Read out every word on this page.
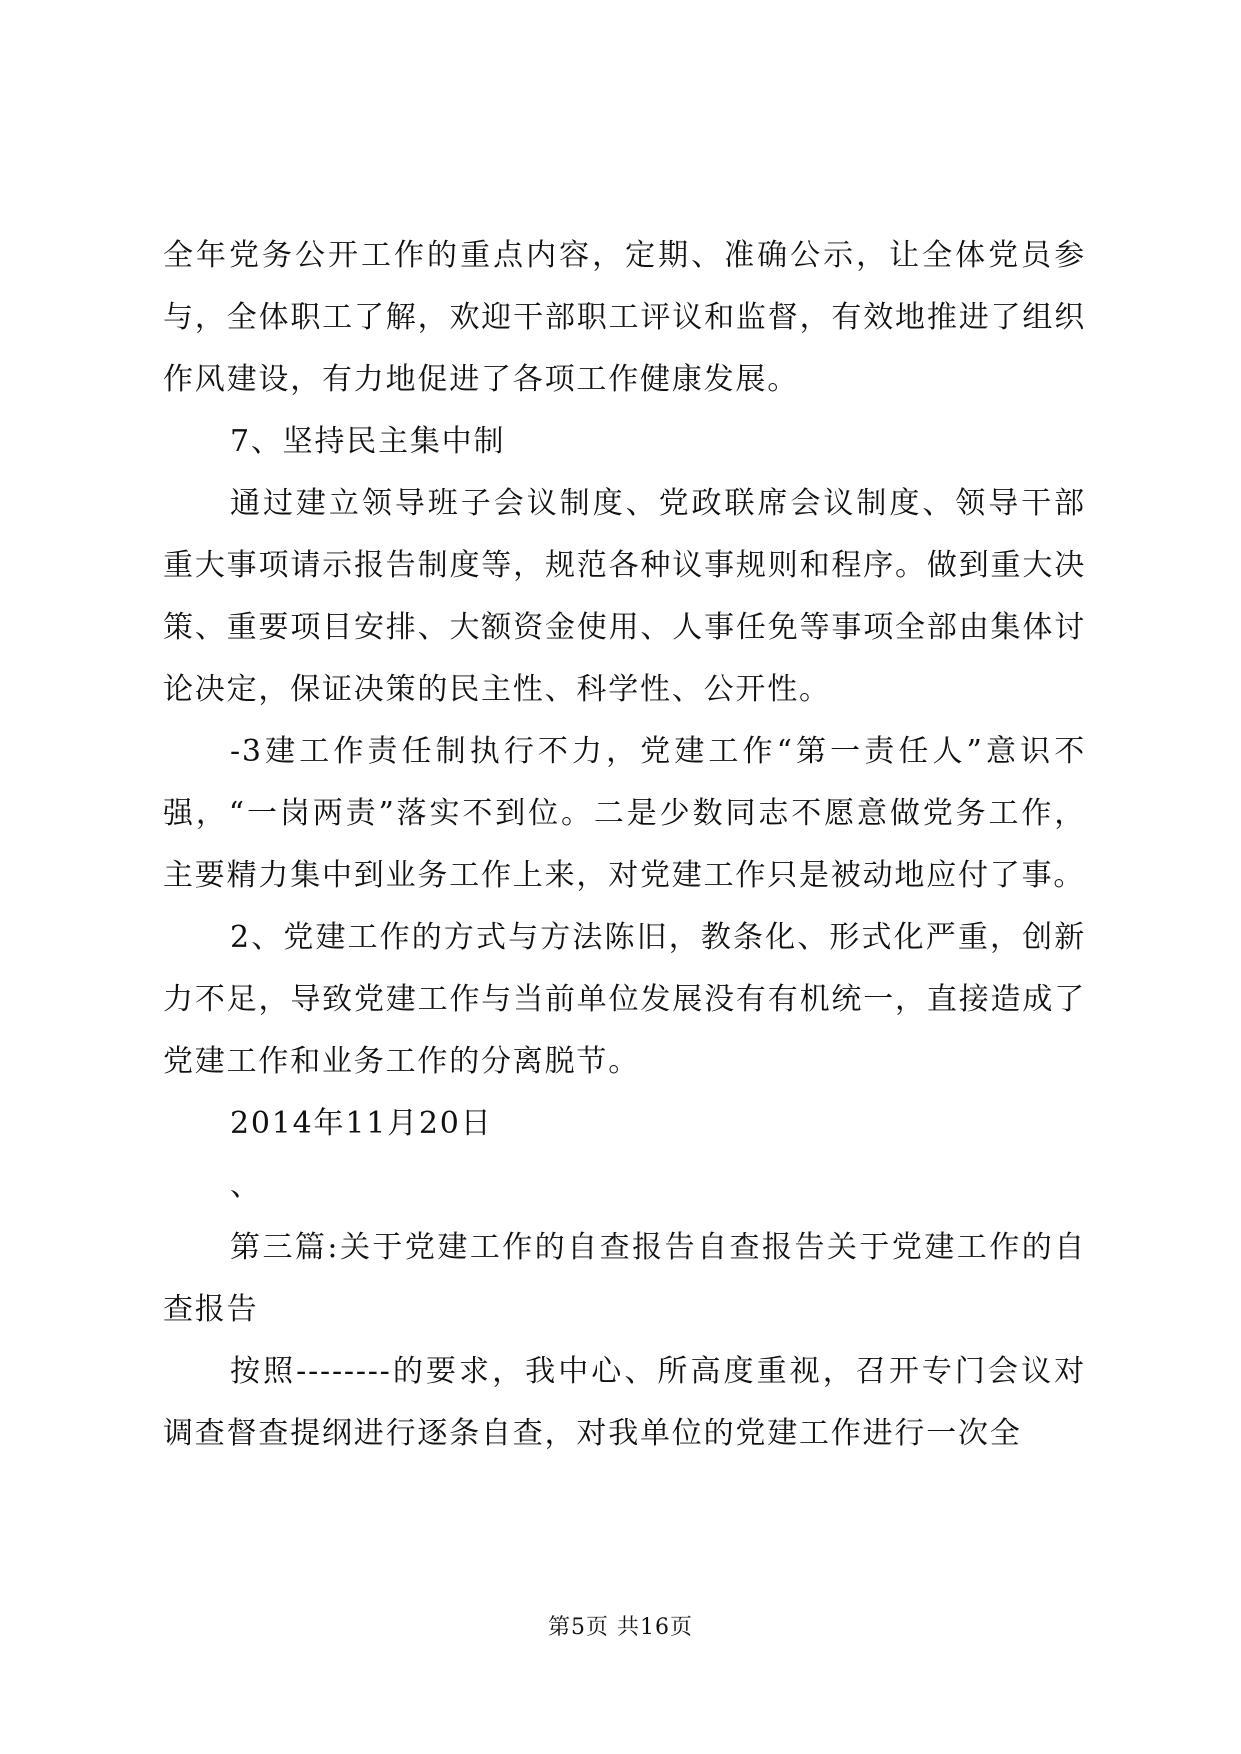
全年党务公开工作的重点内容，定期、准确公示，让全体党员参与，全体职工了解，欢迎干部职工评议和监督，有效地推进了组织作风建设，有力地促进了各项工作健康发展。

7、坚持民主集中制

通过建立领导班子会议制度、党政联席会议制度、领导干部重大事项请示报告制度等，规范各种议事规则和程序。做到重大决策、重要项目安排、大额资金使用、人事任免等事项全部由集体讨论决定，保证决策的民主性、科学性、公开性。

-3建工作责任制执行不力，党建工作“第一责任人”意识不强，“一岗两责”落实不到位。二是少数同志不愿意做党务工作，主要精力集中到业务工作上来，对党建工作只是被动地应付了事。

2、党建工作的方式与方法陈旧，教条化、形式化严重，创新力不足，导致党建工作与当前单位发展没有有机统一，直接造成了党建工作和业务工作的分离脱节。

2014年11月20日

、

第三篇:关于党建工作的自查报告自查报告关于党建工作的自查报告

按照--------的要求，我中心、所高度重视，召开专门会议对调查督查提纲进行逐条自查，对我单位的党建工作进行一次全

第5页 共16页
